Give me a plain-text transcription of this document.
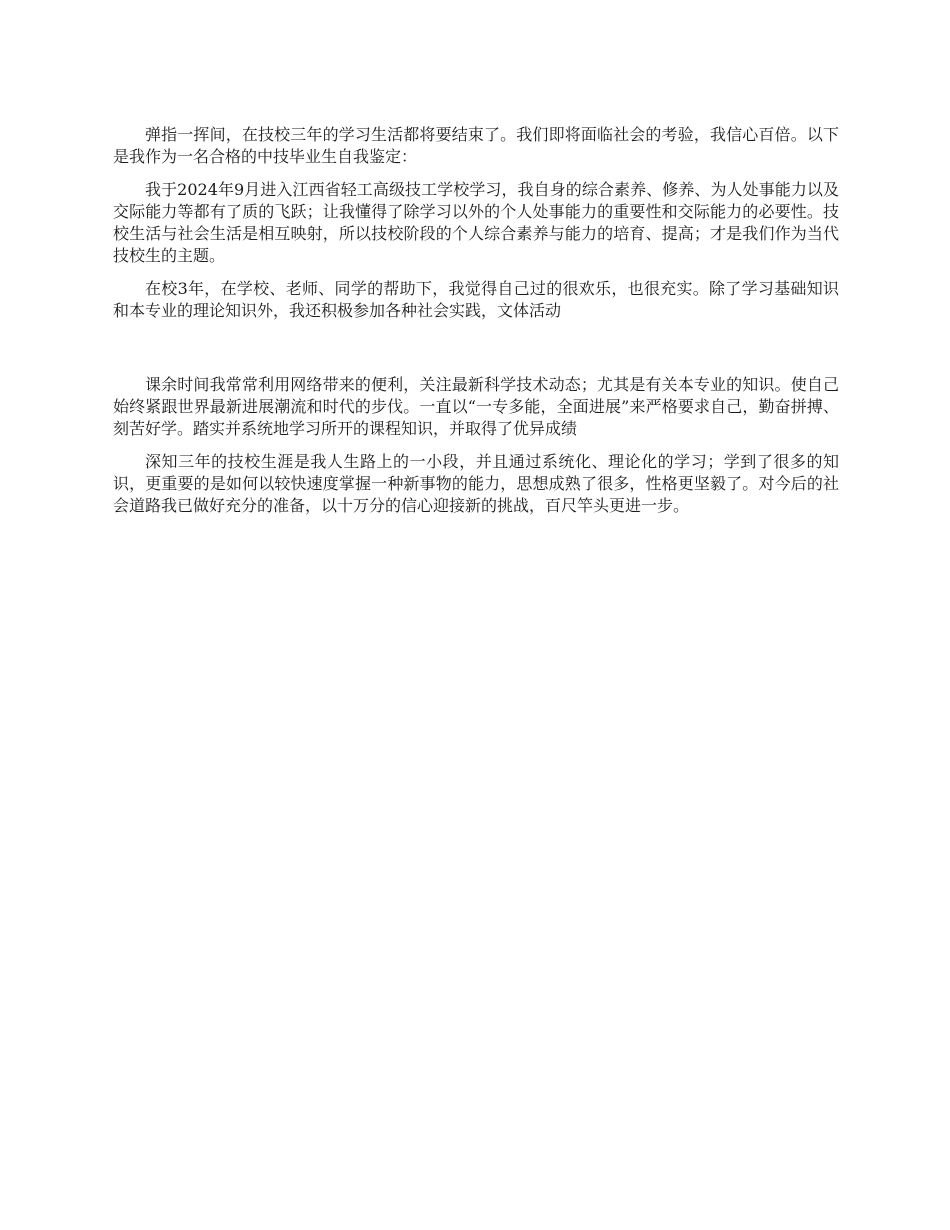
弹指一挥间，在技校三年的学习生活都将要结束了。我们即将面临社会的考验，我信心百倍。以下是我作为一名合格的中技毕业生自我鉴定：

我于2024年9月进入江西省轻工高级技工学校学习，我自身的综合素养、修养、为人处事能力以及交际能力等都有了质的飞跃；让我懂得了除学习以外的个人处事能力的重要性和交际能力的必要性。技校生活与社会生活是相互映射，所以技校阶段的个人综合素养与能力的培育、提高；才是我们作为当代技校生的主题。

在校3年，在学校、老师、同学的帮助下，我觉得自己过的很欢乐，也很充实。除了学习基础知识和本专业的理论知识外，我还积极参加各种社会实践，文体活动

课余时间我常常利用网络带来的便利，关注最新科学技术动态；尤其是有关本专业的知识。使自己始终紧跟世界最新进展潮流和时代的步伐。一直以“一专多能，全面进展”来严格要求自己，勤奋拼搏、刻苦好学。踏实并系统地学习所开的课程知识，并取得了优异成绩

深知三年的技校生涯是我人生路上的一小段，并且通过系统化、理论化的学习；学到了很多的知识，更重要的是如何以较快速度掌握一种新事物的能力，思想成熟了很多，性格更坚毅了。对今后的社会道路我已做好充分的准备，以十万分的信心迎接新的挑战，百尺竿头更进一步。
